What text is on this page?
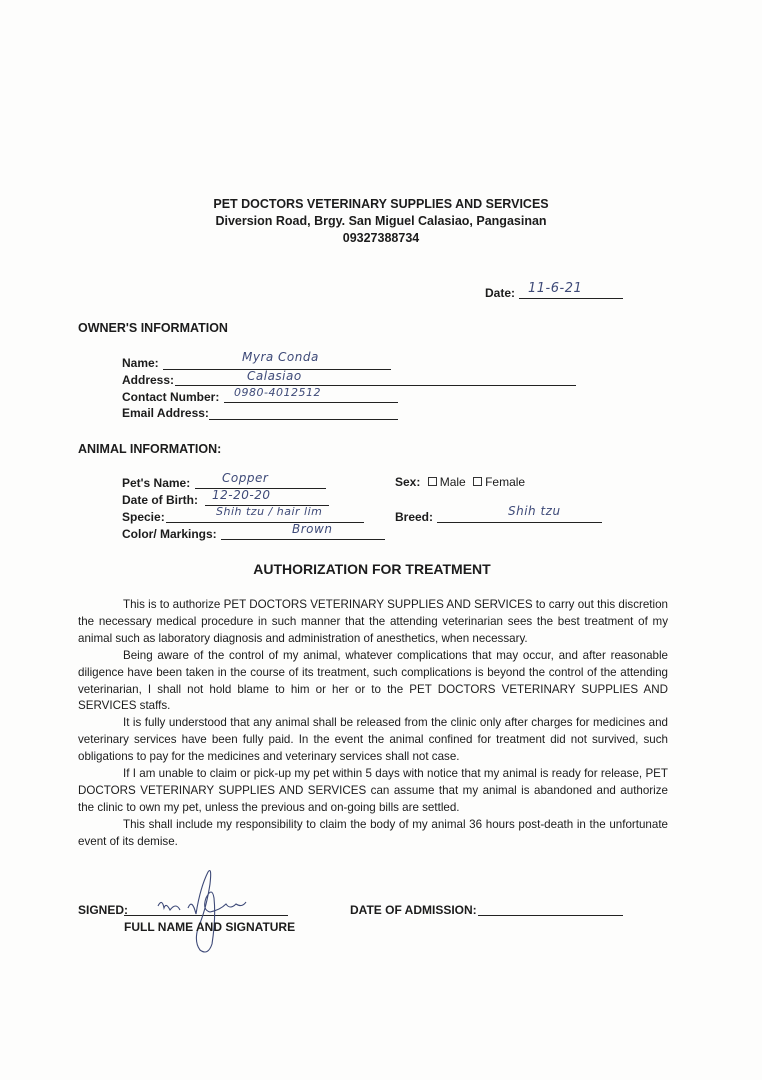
PET DOCTORS VETERINARY SUPPLIES AND SERVICES
Diversion Road, Brgy. San Miguel Calasiao, Pangasinan
09327388734
Date: 11-6-21
OWNER'S INFORMATION
Name:	Myra Conda
Address:	Calasiao
Contact Number: 0980-4012512
Email Address:
ANIMAL INFORMATION:
Pet's Name:	Copper
Date of Birth: 12-20-20
Specie:	Shih tzu / hair lim
Color/ Markings:	Brown
Sex: Male Female
Breed:	Shih tzu
AUTHORIZATION FOR TREATMENT

This is to authorize PET DOCTORS VETERINARY SUPPLIES AND SERVICES to carry out this discretion the necessary medical procedure in such manner that the attending veterinarian sees the best treatment of my animal such as laboratory diagnosis and administration of anesthetics, when necessary.

Being aware of the control of my animal, whatever complications that may occur, and after reasonable diligence have been taken in the course of its treatment, such complications is beyond the control of the attending veterinarian, I shall not hold blame to him or her or to the PET DOCTORS VETERINARY SUPPLIES AND SERVICES staffs.

It is fully understood that any animal shall be released from the clinic only after charges for medicines and veterinary services have been fully paid. In the event the animal confined for treatment did not survived, such obligations to pay for the medicines and veterinary services shall not case.

If I am unable to claim or pick-up my pet within 5 days with notice that my animal is ready for release, PET DOCTORS VETERINARY SUPPLIES AND SERVICES can assume that my animal is abandoned and authorize the clinic to own my pet, unless the previous and on-going bills are settled.

This shall include my responsibility to claim the body of my animal 36 hours post-death in the unfortunate event of its demise.

SIGNED:
FULL NAME AND SIGNATURE
DATE OF ADMISSION:
